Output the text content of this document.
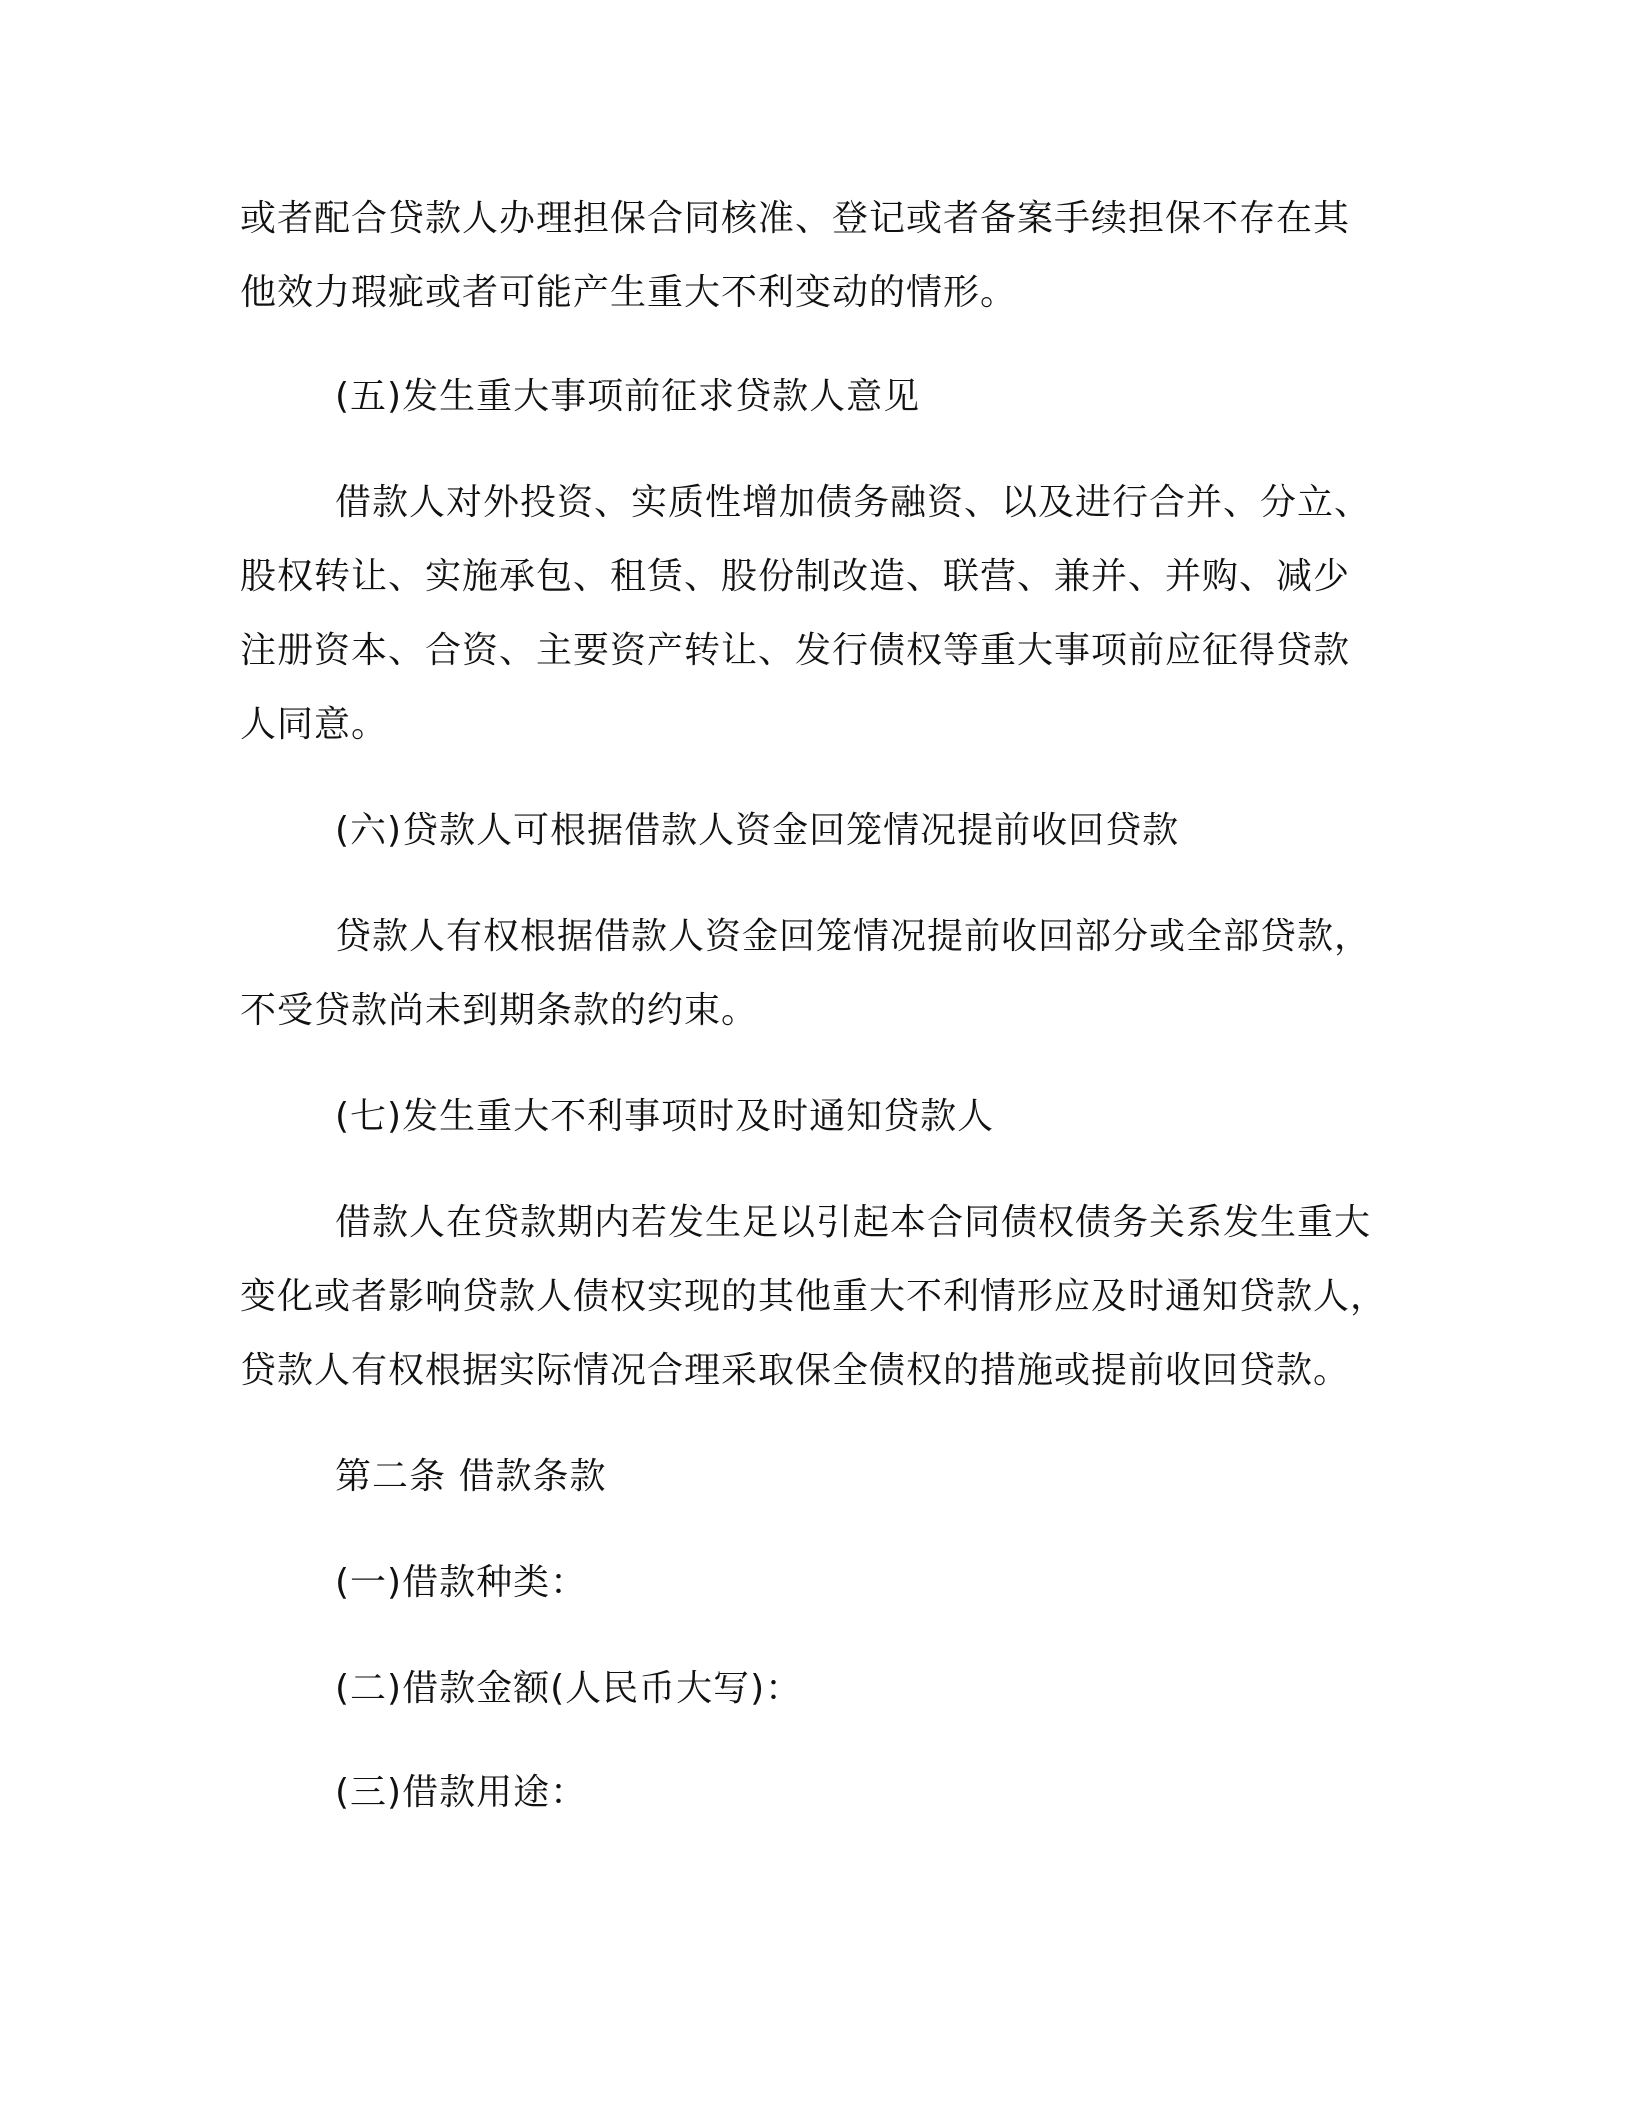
或者配合贷款人办理担保合同核准、登记或者备案手续担保不存在其
他效力瑕疵或者可能产生重大不利变动的情形。
(五)发生重大事项前征求贷款人意见
借款人对外投资、实质性增加债务融资、以及进行合并、分立、
股权转让、实施承包、租赁、股份制改造、联营、兼并、并购、减少
注册资本、合资、主要资产转让、发行债权等重大事项前应征得贷款
人同意。
(六)贷款人可根据借款人资金回笼情况提前收回贷款
贷款人有权根据借款人资金回笼情况提前收回部分或全部贷款，
不受贷款尚未到期条款的约束。
(七)发生重大不利事项时及时通知贷款人
借款人在贷款期内若发生足以引起本合同债权债务关系发生重大
变化或者影响贷款人债权实现的其他重大不利情形应及时通知贷款人，
贷款人有权根据实际情况合理采取保全债权的措施或提前收回贷款。
第二条 借款条款
(一)借款种类：
(二)借款金额(人民币大写)：
(三)借款用途：
